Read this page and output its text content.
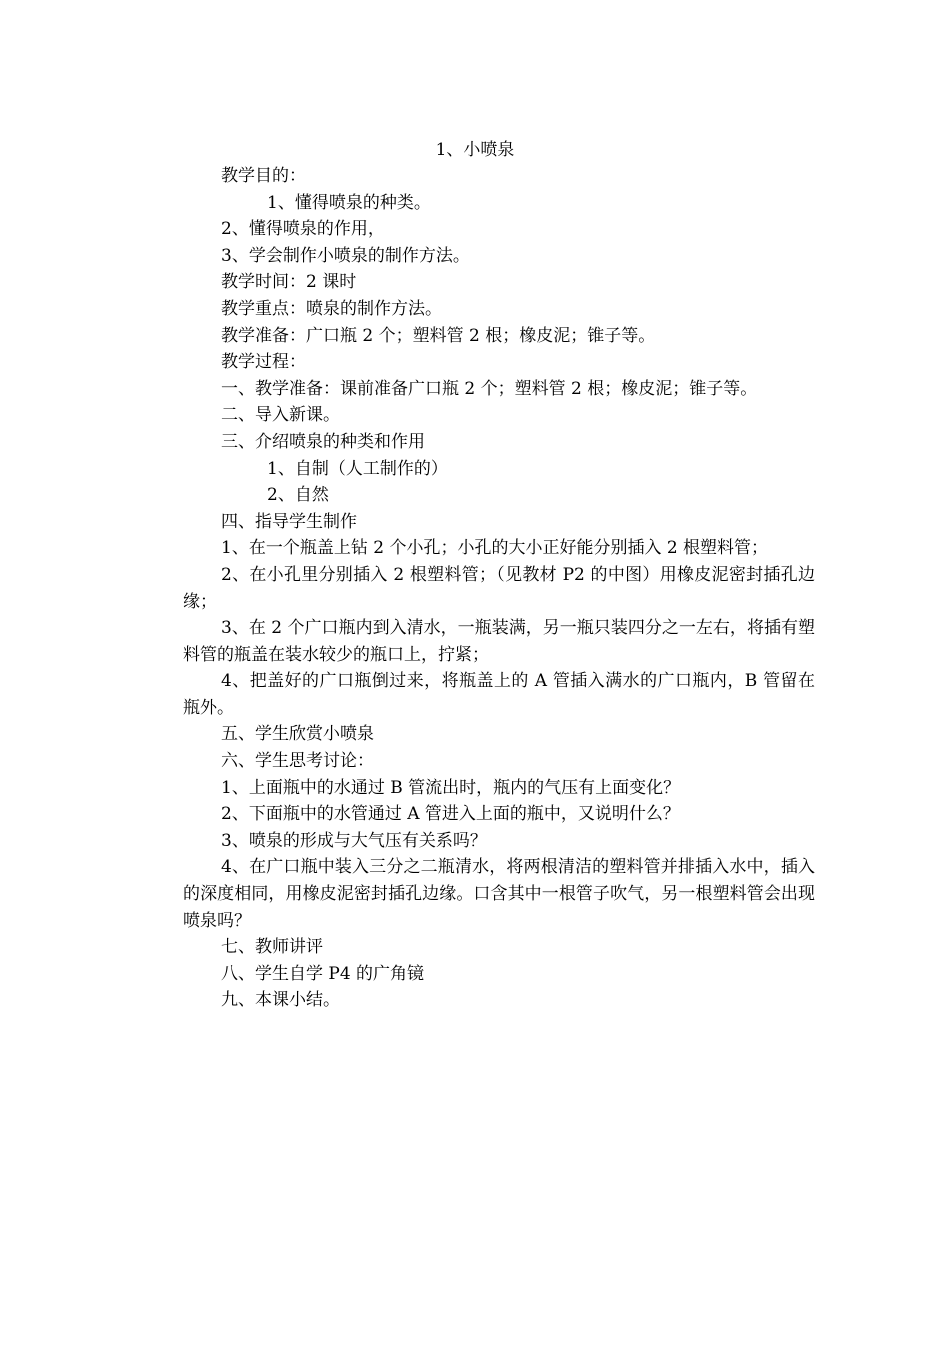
1、小喷泉

教学目的：

1、懂得喷泉的种类。

2、懂得喷泉的作用，

3、学会制作小喷泉的制作方法。

教学时间：2 课时

教学重点：喷泉的制作方法。

教学准备：广口瓶 2 个；塑料管 2 根；橡皮泥；锥子等。

教学过程：

一、教学准备：课前准备广口瓶 2 个；塑料管 2 根；橡皮泥；锥子等。

二、导入新课。

三、介绍喷泉的种类和作用

1、自制（人工制作的）

2、自然

四、指导学生制作

1、在一个瓶盖上钻 2 个小孔；小孔的大小正好能分别插入 2 根塑料管；

2、在小孔里分别插入 2 根塑料管；（见教材 P2 的中图）用橡皮泥密封插孔边缘；

3、在 2 个广口瓶内到入清水，一瓶装满，另一瓶只装四分之一左右，将插有塑料管的瓶盖在装水较少的瓶口上，拧紧；

4、把盖好的广口瓶倒过来，将瓶盖上的 A 管插入满水的广口瓶内，B 管留在瓶外。

五、学生欣赏小喷泉

六、学生思考讨论：

1、上面瓶中的水通过 B 管流出时，瓶内的气压有上面变化？

2、下面瓶中的水管通过 A 管进入上面的瓶中，又说明什么？

3、喷泉的形成与大气压有关系吗？

4、在广口瓶中装入三分之二瓶清水，将两根清洁的塑料管并排插入水中，插入的深度相同，用橡皮泥密封插孔边缘。口含其中一根管子吹气，另一根塑料管会出现喷泉吗？

七、教师讲评

八、学生自学 P4 的广角镜

九、本课小结。
